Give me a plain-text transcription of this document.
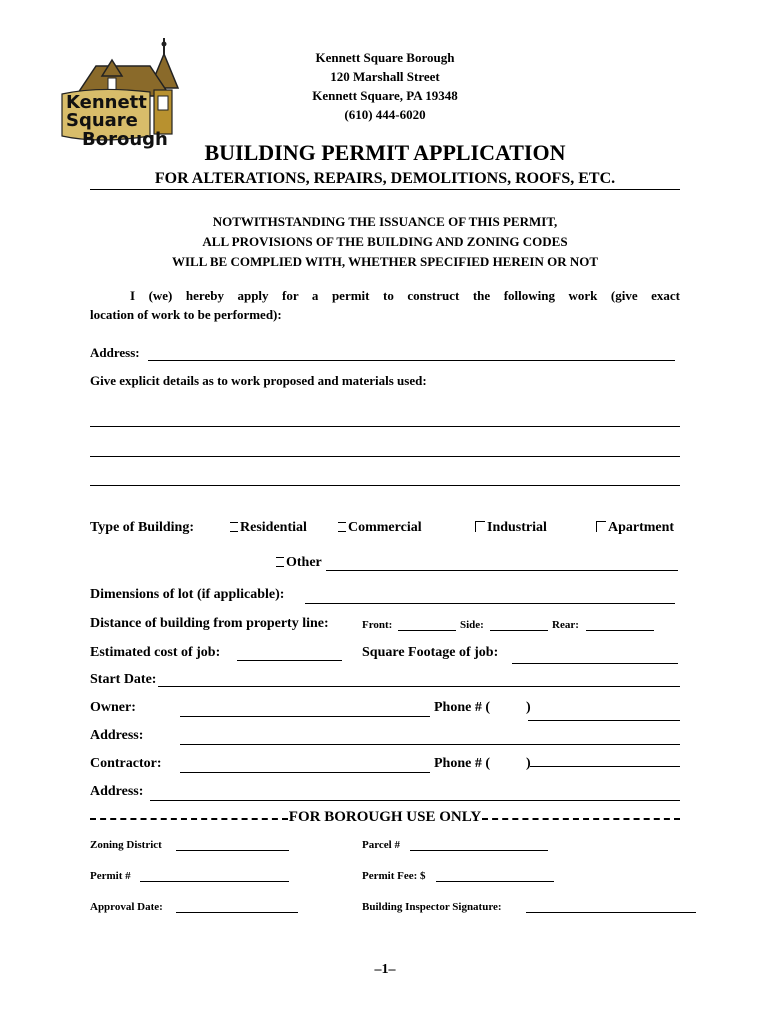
Kennett
Square
Borough
Kennett Square Borough
120 Marshall Street
Kennett Square, PA 19348
(610) 444-6020
BUILDING PERMIT APPLICATION
FOR ALTERATIONS, REPAIRS, DEMOLITIONS, ROOFS, ETC.
NOTWITHSTANDING THE ISSUANCE OF THIS PERMIT,
ALL PROVISIONS OF THE BUILDING AND ZONING CODES
WILL BE COMPLIED WITH, WHETHER SPECIFIED HEREIN OR NOT
I (we) hereby apply for a permit to construct the following work (give exact
location of work to be performed):
Address:
Give explicit details as to work proposed and materials used:
Type of Building:	Residential	Commercial	Industrial	Apartment
Other
Dimensions of lot (if applicable):
Distance of building from property line:	Front:	Side:	Rear:
Estimated cost of job:	Square Footage of job:
Start Date:
Owner:	Phone # (	)
Address:
Contractor:	Phone # (	)
Address:
FOR BOROUGH USE ONLY
Zoning District	Parcel #
Permit #	Permit Fee: $
Approval Date:	Building Inspector Signature:
–1–
